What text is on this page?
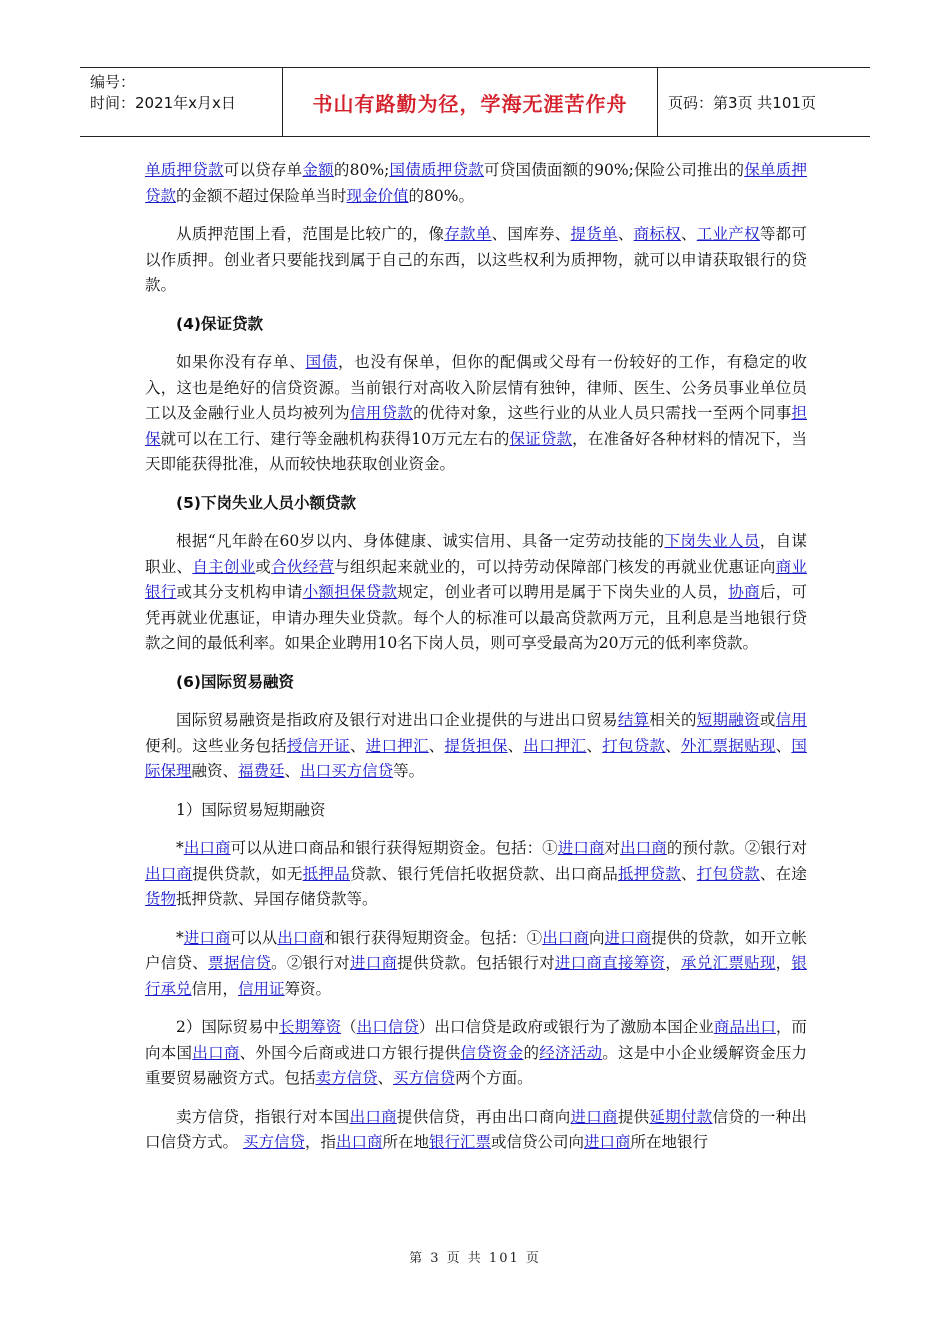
编号：
时间：2021年x月x日	书山有路勤为径，学海无涯苦作舟	页码：第3页 共101页

单质押贷款可以贷存单金额的80%;国债质押贷款可贷国债面额的90%;保险公司推出的保单质押贷款的金额不超过保险单当时现金价值的80%。

从质押范围上看，范围是比较广的，像存款单、国库券、提货单、商标权、工业产权等都可以作质押。创业者只要能找到属于自己的东西，以这些权利为质押物，就可以申请获取银行的贷款。

(4)保证贷款

如果你没有存单、国债，也没有保单，但你的配偶或父母有一份较好的工作，有稳定的收入，这也是绝好的信贷资源。当前银行对高收入阶层情有独钟，律师、医生、公务员事业单位员工以及金融行业人员均被列为信用贷款的优待对象，这些行业的从业人员只需找一至两个同事担保就可以在工行、建行等金融机构获得10万元左右的保证贷款，在准备好各种材料的情况下，当天即能获得批准，从而较快地获取创业资金。

(5)下岗失业人员小额贷款

根据“凡年龄在60岁以内、身体健康、诚实信用、具备一定劳动技能的下岗失业人员，自谋职业、自主创业或合伙经营与组织起来就业的，可以持劳动保障部门核发的再就业优惠证向商业银行或其分支机构申请小额担保贷款规定，创业者可以聘用是属于下岗失业的人员，协商后，可凭再就业优惠证，申请办理失业贷款。每个人的标准可以最高贷款两万元，且利息是当地银行贷款之间的最低利率。如果企业聘用10名下岗人员，则可享受最高为20万元的低利率贷款。

(6)国际贸易融资

国际贸易融资是指政府及银行对进出口企业提供的与进出口贸易结算相关的短期融资或信用便利。这些业务包括授信开证、进口押汇、提货担保、出口押汇、打包贷款、外汇票据贴现、国际保理融资、福费廷、出口买方信贷等。

1）国际贸易短期融资

*出口商可以从进口商品和银行获得短期资金。包括：①进口商对出口商的预付款。②银行对出口商提供贷款，如无抵押品贷款、银行凭信托收据贷款、出口商品抵押贷款、打包贷款、在途货物抵押贷款、异国存储贷款等。

*进口商可以从出口商和银行获得短期资金。包括：①出口商向进口商提供的贷款，如开立帐户信贷、票据信贷。②银行对进口商提供贷款。包括银行对进口商直接筹资，承兑汇票贴现，银行承兑信用，信用证筹资。

2）国际贸易中长期筹资（出口信贷）出口信贷是政府或银行为了激励本国企业商品出口，而向本国出口商、外国今后商或进口方银行提供信贷资金的经济活动。这是中小企业缓解资金压力重要贸易融资方式。包括卖方信贷、买方信贷两个方面。

卖方信贷，指银行对本国出口商提供信贷，再由出口商向进口商提供延期付款信贷的一种出口信贷方式。 买方信贷，指出口商所在地银行汇票或信贷公司向进口商所在地银行

第 3 页 共 101 页
